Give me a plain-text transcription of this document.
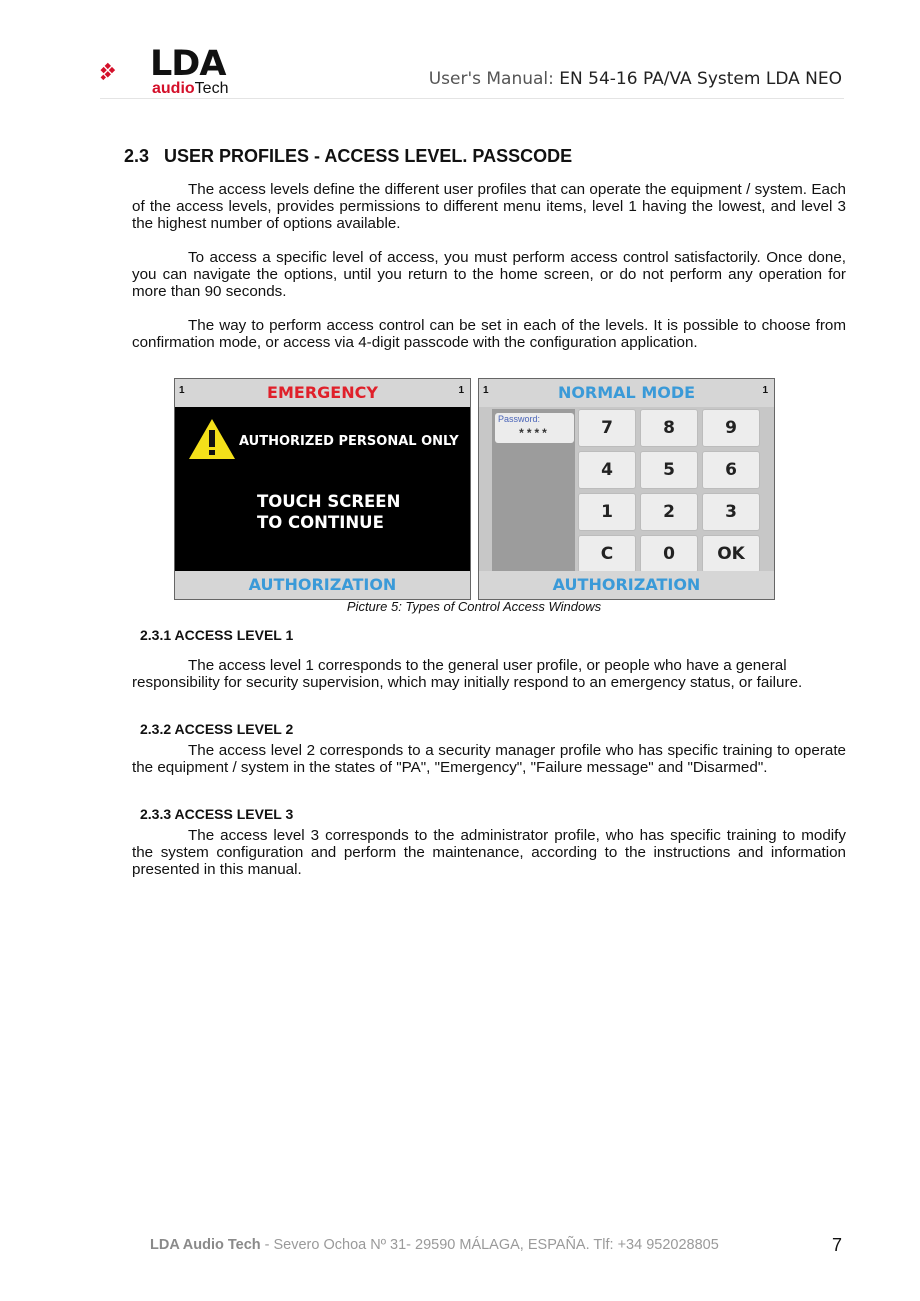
LDA
audioTech	User's Manual: EN 54-16 PA/VA System LDA NEO
2.3   USER PROFILES - ACCESS LEVEL. PASSCODE

The access levels define the different user profiles that can operate the equipment / system. Each of the access levels, provides permissions to different menu items, level 1 having the lowest, and level 3 the highest number of options available.

To access a specific level of access, you must perform access control satisfactorily. Once done, you can navigate the options, until you return to the home screen, or do not perform any operation for more than 90 seconds.

The way to perform access control can be set in each of the levels. It is possible to choose from confirmation mode, or access via 4-digit passcode with the configuration application.

1	EMERGENCY	1
AUTHORIZED PERSONAL ONLY
TOUCH SCREEN
TO CONTINUE
AUTHORIZATION
1	NORMAL MODE	1
Password:
****	7	8	9
4	5	6
1	2	3
C	0	OK
AUTHORIZATION
Picture 5: Types of Control Access Windows
2.3.1 ACCESS LEVEL 1

The access level 1 corresponds to the general user profile, or people who have a general responsibility for security supervision, which may initially respond to an emergency status, or failure.

2.3.2 ACCESS LEVEL 2

The access level 2 corresponds to a security manager profile who has specific training to operate the equipment / system in the states of "PA", "Emergency", "Failure message" and "Disarmed".

2.3.3 ACCESS LEVEL 3

The access level 3 corresponds to the administrator profile, who has specific training to modify the system configuration and perform the maintenance, according to the instructions and information presented in this manual.

LDA Audio Tech - Severo Ochoa Nº 31- 29590 MÁLAGA, ESPAÑA. Tlf: +34 952028805	7
